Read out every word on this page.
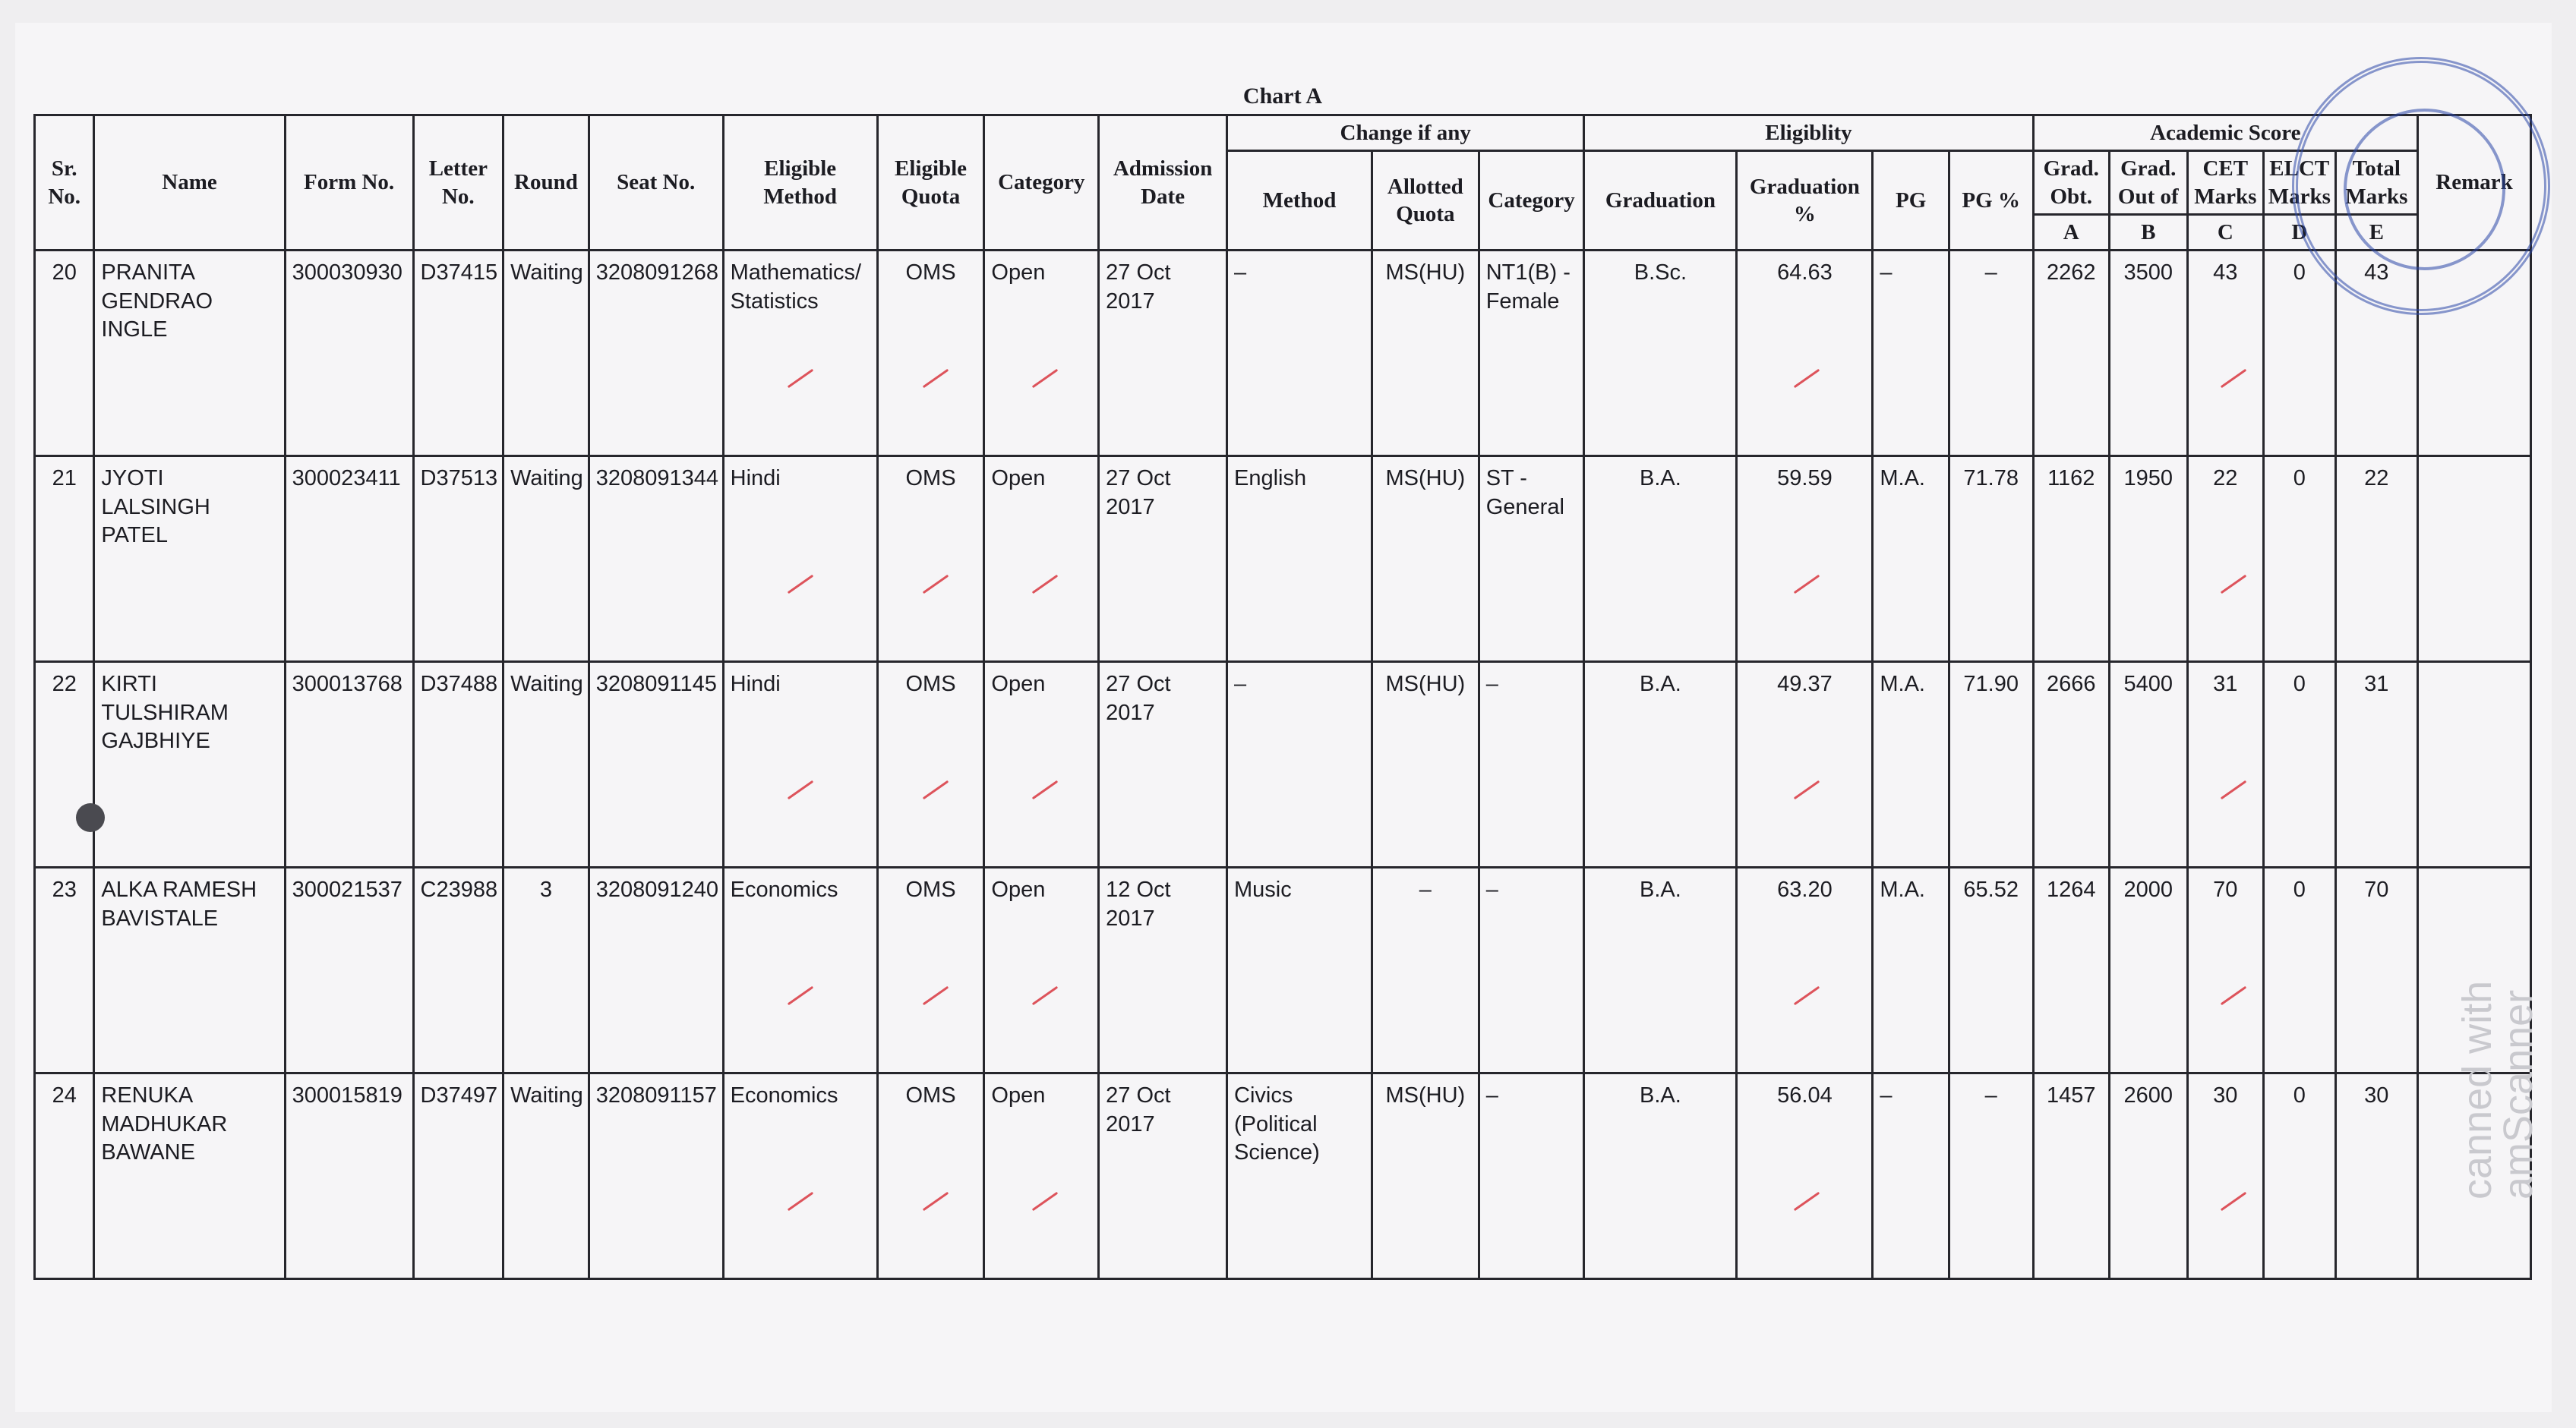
Chart A
Sr. No.	Name	Form No.	Letter No.	Round	Seat No.	Eligible Method	Eligible Quota	Category	Admission Date	Change if any			Eligiblity				Academic Score					Remark
										Method	Allotted Quota	Category	Graduation	Graduation %	PG	PG %	Grad. Obt.	Grad. Out of	CET Marks	ELCT Marks	Total Marks	
																	A	B	C	D	E	
20	PRANITA GENDRAO INGLE	300030930	D37415	Waiting	3208091268	Mathematics/ Statistics	OMS	Open	27 Oct 2017	–	MS(HU)	NT1(B) - Female	B.Sc.	64.63	–	–	2262	3500	43	0	43	
21	JYOTI LALSINGH PATEL	300023411	D37513	Waiting	3208091344	Hindi	OMS	Open	27 Oct 2017	English	MS(HU)	ST - General	B.A.	59.59	M.A.	71.78	1162	1950	22	0	22	
22	KIRTI TULSHIRAM GAJBHIYE	300013768	D37488	Waiting	3208091145	Hindi	OMS	Open	27 Oct 2017	–	MS(HU)	–	B.A.	49.37	M.A.	71.90	2666	5400	31	0	31	
23	ALKA RAMESH BAVISTALE	300021537	C23988	3	3208091240	Economics	OMS	Open	12 Oct 2017	Music	–	–	B.A.	63.20	M.A.	65.52	1264	2000	70	0	70	
24	RENUKA MADHUKAR BAWANE	300015819	D37497	Waiting	3208091157	Economics	OMS	Open	27 Oct 2017	Civics (Political Science)	MS(HU)	–	B.A.	56.04	–	–	1457	2600	30	0	30	canned with
amScanner
